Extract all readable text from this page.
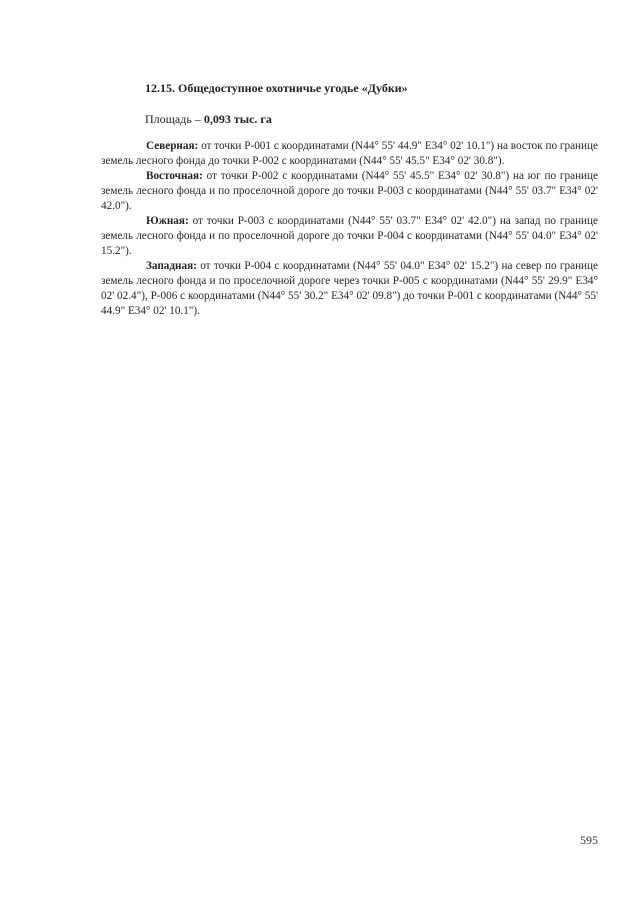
12.15. Общедоступное охотничье угодье «Дубки»
Площадь – 0,093 тыс. га

Северная: от точки Р-001 с координатами (N44° 55' 44.9" E34° 02' 10.1") на восток по границе земель лесного фонда до точки Р-002 с координатами (N44° 55' 45.5" E34° 02' 30.8").

Восточная: от точки Р-002 с координатами (N44° 55' 45.5" E34° 02' 30.8") на юг по границе земель лесного фонда и по проселочной дороге до точки Р-003 с координатами (N44° 55' 03.7" E34° 02' 42.0").

Южная: от точки Р-003 с координатами (N44° 55' 03.7" E34° 02' 42.0") на запад по границе земель лесного фонда и по проселочной дороге до точки Р-004 с координатами (N44° 55' 04.0" E34° 02' 15.2").

Западная: от точки Р-004 с координатами (N44° 55' 04.0" E34° 02' 15.2") на север по границе земель лесного фонда и по проселочной дороге через точки Р-005 с координатами (N44° 55' 29.9" E34° 02' 02.4"), Р-006 с координатами (N44° 55' 30.2" E34° 02' 09.8") до точки Р-001 с координатами (N44° 55' 44.9" E34° 02' 10.1").

595
